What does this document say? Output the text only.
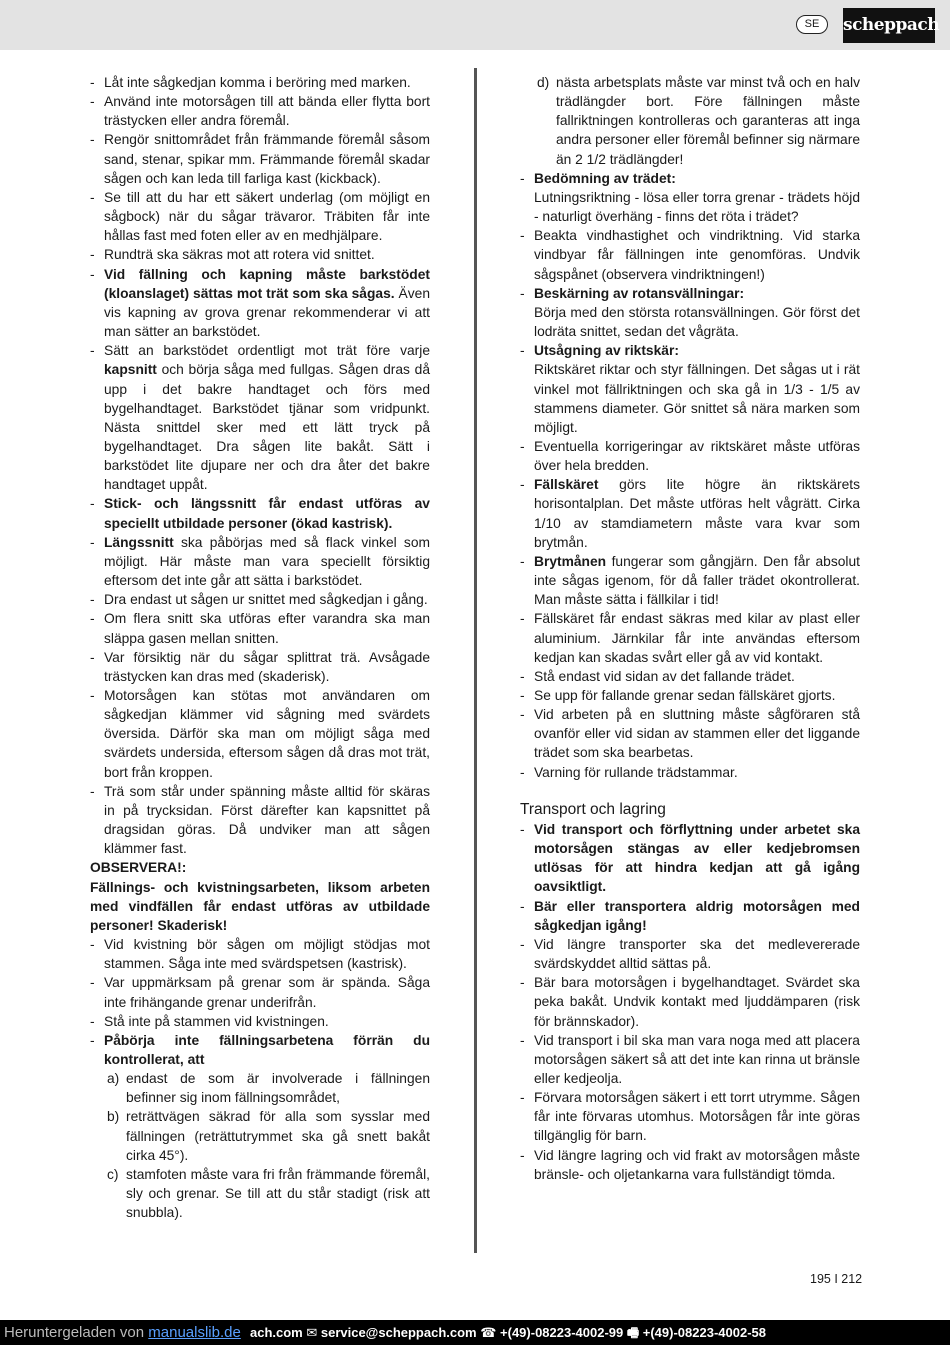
SE	scheppach
- Låt inte sågkedjan komma i beröring med marken.
- Använd inte motorsågen till att bända eller flytta bort trästycken eller andra föremål.
- Rengör snittområdet från främmande föremål såsom sand, stenar, spikar mm. Främmande föremål skadar sågen och kan leda till farliga kast (kickback).
- Se till att du har ett säkert underlag (om möjligt en sågbock) när du sågar trävaror. Träbiten får inte hållas fast med foten eller av en medhjälpare.
- Rundträ ska säkras mot att rotera vid snittet.
- Vid fällning och kapning måste barkstödet (kloanslaget) sättas mot trät som ska sågas. Även vis kapning av grova grenar rekommenderar vi att man sätter an barkstödet.
- Sätt an barkstödet ordentligt mot trät före varje kapsnitt och börja såga med fullgas. Sågen dras då upp i det bakre handtaget och förs med bygelhandtaget. Barkstödet tjänar som vridpunkt. Nästa snittdel sker med ett lätt tryck på bygelhandtaget. Dra sågen lite bakåt. Sätt i barkstödet lite djupare ner och dra åter det bakre handtaget uppåt.
- Stick- och längssnitt får endast utföras av speciellt utbildade personer (ökad kastrisk).
- Längssnitt ska påbörjas med så flack vinkel som möjligt. Här måste man vara speciellt försiktig eftersom det inte går att sätta i barkstödet.
- Dra endast ut sågen ur snittet med sågkedjan i gång.
- Om flera snitt ska utföras efter varandra ska man släppa gasen mellan snitten.
- Var försiktig när du sågar splittrat trä. Avsågade trästycken kan dras med (skaderisk).
- Motorsågen kan stötas mot användaren om sågkedjan klämmer vid sågning med svärdets översida. Därför ska man om möjligt såga med svärdets undersida, eftersom sågen då dras mot trät, bort från kroppen.
- Trä som står under spänning måste alltid för skäras in på trycksidan. Först därefter kan kapsnittet på dragsidan göras. Då undviker man att sågen klämmer fast.
OBSERVERA!:
Fällnings- och kvistningsarbeten, liksom arbeten med vindfällen får endast utföras av utbildade personer! Skaderisk!
- Vid kvistning bör sågen om möjligt stödjas mot stammen. Såga inte med svärdspetsen (kastrisk).
- Var uppmärksam på grenar som är spända. Såga inte frihängande grenar underifrån.
- Stå inte på stammen vid kvistningen.
- Påbörja inte fällningsarbetena förrän du kontrollerat, att
a) endast de som är involverade i fällningen befinner sig inom fällningsområdet,
b) reträttvägen säkrad för alla som sysslar med fällningen (reträttutrymmet ska gå snett bakåt cirka 45°).
c) stamfoten måste vara fri från främmande föremål, sly och grenar. Se till att du står stadigt (risk att snubbla).
d) nästa arbetsplats måste var minst två och en halv trädlängder bort. Före fällningen måste fallriktningen kontrolleras och garanteras att inga andra personer eller föremål befinner sig närmare än 2 1/2 trädlängder!
- Bedömning av trädet:
Lutningsriktning - lösa eller torra grenar - trädets höjd - naturligt överhäng - finns det röta i trädet?
- Beakta vindhastighet och vindriktning. Vid starka vindbyar får fällningen inte genomföras. Undvik sågspånet (observera vindriktningen!)
- Beskärning av rotansvällningar:
Börja med den största rotansvällningen. Gör först det lodräta snittet, sedan det vågräta.
- Utsågning av riktskär:
Riktskäret riktar och styr fällningen. Det sågas ut i rät vinkel mot fällriktningen och ska gå in 1/3 - 1/5 av stammens diameter. Gör snittet så nära marken som möjligt.
- Eventuella korrigeringar av riktskäret måste utföras över hela bredden.
- Fällskäret görs lite högre än riktskärets horisontalplan. Det måste utföras helt vågrätt. Cirka 1/10 av stamdiametern måste vara kvar som brytmån.
- Brytmånen fungerar som gångjärn. Den får absolut inte sågas igenom, för då faller trädet okontrollerat. Man måste sätta i fällkilar i tid!
- Fällskäret får endast säkras med kilar av plast eller aluminium. Järnkilar får inte användas eftersom kedjan kan skadas svårt eller gå av vid kontakt.
- Stå endast vid sidan av det fallande trädet.
- Se upp för fallande grenar sedan fällskäret gjorts.
- Vid arbeten på en sluttning måste sågföraren stå ovanför eller vid sidan av stammen eller det liggande trädet som ska bearbetas.
- Varning för rullande trädstammar.
Transport och lagring
- Vid transport och förflyttning under arbetet ska motorsågen stängas av eller kedjebromsen utlösas för att hindra kedjan att gå igång oavsiktligt.
- Bär eller transportera aldrig motorsågen med sågkedjan igång!
- Vid längre transporter ska det medlevererade svärdskyddet alltid sättas på.
- Bär bara motorsågen i bygelhandtaget. Svärdet ska peka bakåt. Undvik kontakt med ljuddämparen (risk för brännskador).
- Vid transport i bil ska man vara noga med att placera motorsågen säkert så att det inte kan rinna ut bränsle eller kedjeolja.
- Förvara motorsågen säkert i ett torrt utrymme. Sågen får inte förvaras utomhus. Motorsågen får inte göras tillgänglig för barn.
- Vid längre lagring och vid frakt av motorsågen måste bränsle- och oljetankarna vara fullständigt tömda.
195 I 212
Heruntergeladen von manualslib.de ach.com ✉ service@scheppach.com ☎ +(49)-08223-4002-99 🖷 +(49)-08223-4002-58
